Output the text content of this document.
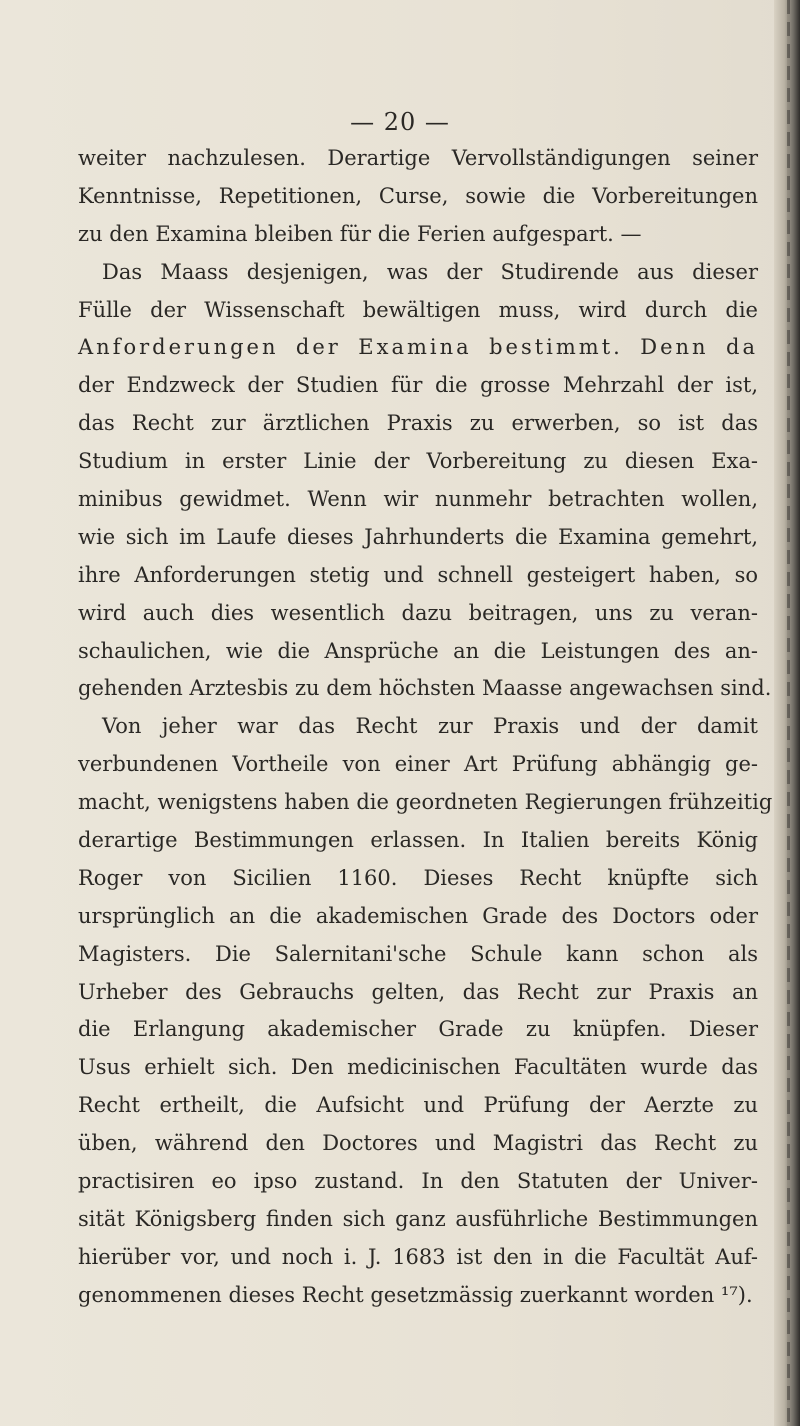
— 20 —
weiter nachzulesen. Derartige Vervollständigungen seiner
Kenntnisse, Repetitionen, Curse, sowie die Vorbereitungen
zu den Examina bleiben für die Ferien aufgespart. —
Das Maass desjenigen, was der Studirende aus dieser
Fülle der Wissenschaft bewältigen muss, wird durch die
Anforderungen der Examina bestimmt. Denn da
der Endzweck der Studien für die grosse Mehrzahl der ist,
das Recht zur ärztlichen Praxis zu erwerben, so ist das
Studium in erster Linie der Vorbereitung zu diesen Exa-
minibus gewidmet. Wenn wir nunmehr betrachten wollen,
wie sich im Laufe dieses Jahrhunderts die Examina gemehrt,
ihre Anforderungen stetig und schnell gesteigert haben, so
wird auch dies wesentlich dazu beitragen, uns zu veran-
schaulichen, wie die Ansprüche an die Leistungen des an-
gehenden Arztesbis zu dem höchsten Maasse angewachsen sind.
Von jeher war das Recht zur Praxis und der damit
verbundenen Vortheile von einer Art Prüfung abhängig ge-
macht, wenigstens haben die geordneten Regierungen frühzeitig
derartige Bestimmungen erlassen. In Italien bereits König
Roger von Sicilien 1160. Dieses Recht knüpfte sich
ursprünglich an die akademischen Grade des Doctors oder
Magisters. Die Salernitani'sche Schule kann schon als
Urheber des Gebrauchs gelten, das Recht zur Praxis an
die Erlangung akademischer Grade zu knüpfen. Dieser
Usus erhielt sich. Den medicinischen Facultäten wurde das
Recht ertheilt, die Aufsicht und Prüfung der Aerzte zu
üben, während den Doctores und Magistri das Recht zu
practisiren eo ipso zustand. In den Statuten der Univer-
sität Königsberg finden sich ganz ausführliche Bestimmungen
hierüber vor, und noch i. J. 1683 ist den in die Facultät Auf-
genommenen dieses Recht gesetzmässig zuerkannt worden ¹⁷).
